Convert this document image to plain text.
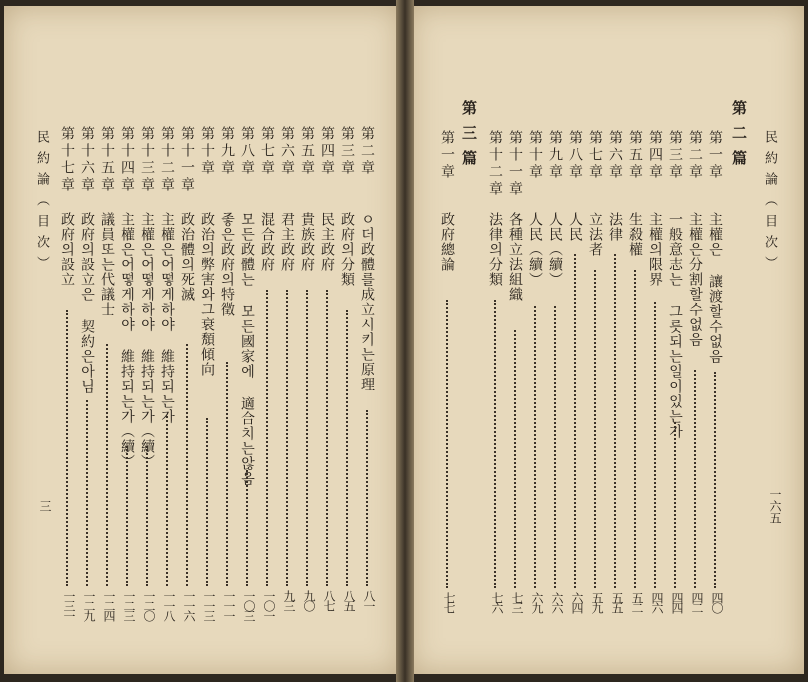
民約論（目次）
一六五
第二篇
第三篇	第一章
第二章
第三章
第四章
第五章
第六章
第七章
第八章
第九章
第十章
第十一章
第十二章
第一章
主權은 讓渡할수없음
主權은分割할수없음
一般意志는 그릇되는일이있는가
主權의限界
生殺權
法律
立法者
人民
人民（續）
人民（續）
各種立法組織
法律의分類
政府總論
四〇
四二
四四
四六
五二
五五
五九
六四
六六
六九
七三
七六
七七
民約論（目次）
三
第二章
第三章
第四章
第五章
第六章
第七章
第八章
第九章
第十章
第十一章
第十二章
第十三章
第十四章
第十五章
第十六章
第十七章
ㅇ더政體를成立시키는原理
政府의分類
民主政府
貴族政府
君主政府
混合政府
모든政體는 모든國家에 適合치는않음
좋은政府의特徵
政治의弊害와그衰頽傾向
政治體의死滅
主權은어떻게하야 維持되는가
主權은어떻게하야 維持되는가（續）
主權은어떻게하야 維持되는가（續）
議員또는代議士
政府의設立은 契約은아님
政府의設立
八一
八五
八七
九〇
九三
一〇一
一〇三
一一一
一一三
一一六
一一八
一二〇
一二三
一二四
一二九
一三一
